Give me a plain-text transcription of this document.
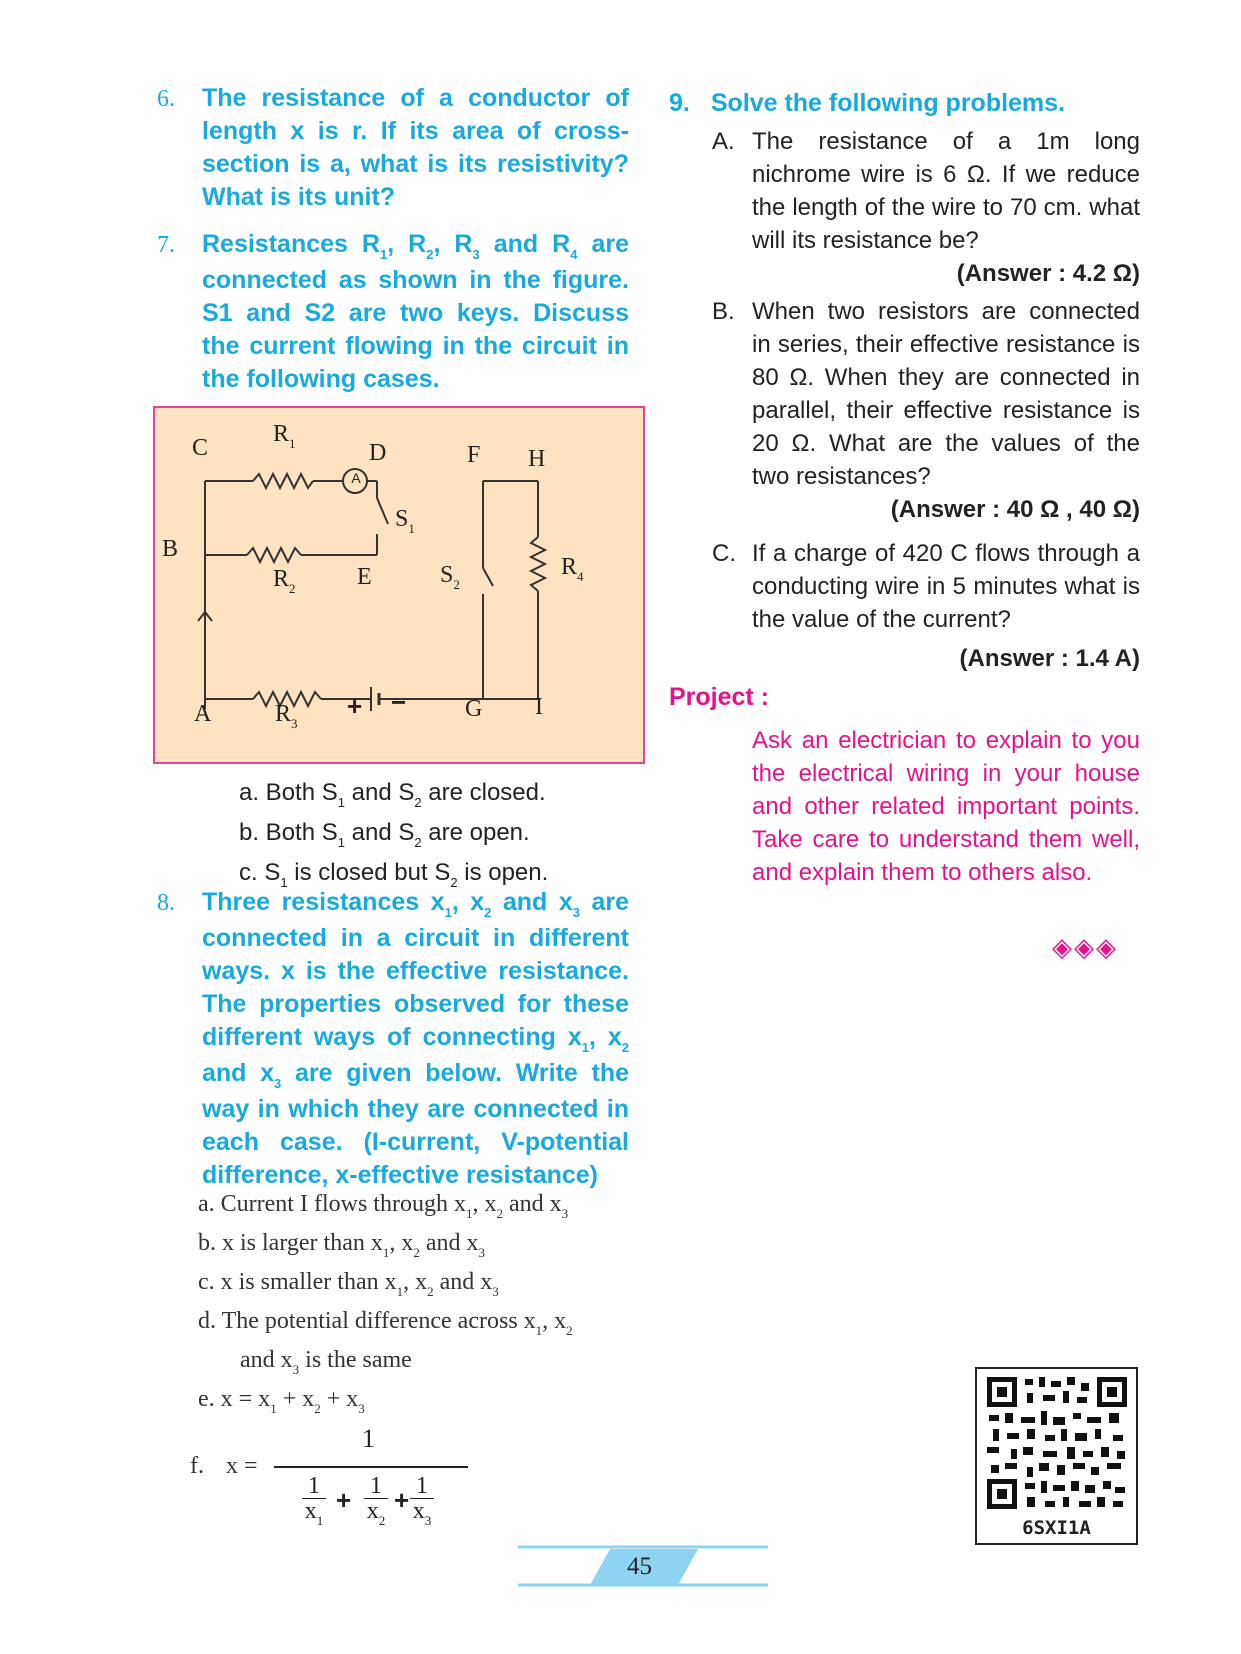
6. The resistance of a conductor of length x is r. If its area of cross-section is a, what is its resistivity? What is its unit?
7. Resistances $R_1$, $R_2$, $R_3$ and $R_4$ are connected as shown in the figure. S1 and S2 are two keys. Discuss the current flowing in the circuit in the following cases.
C
$R_1$
A
D	F H
B
$S_1$
$R_2$	E	$S_2$
$R_4$
A	$R_3$
+ − G I
a. Both $S_1$ and $S_2$ are closed.
b. Both $S_1$ and $S_2$ are open.
c. $S_1$ is closed but $S_2$ is open.
8. Three resistances $x_1$, $x_2$ and $x_3$ are connected in a circuit in different ways. x is the effective resistance. The properties observed for these different ways of connecting $x_1$, $x_2$ and $x_3$ are given below. Write the way in which they are connected in each case. (I-current, V-potential difference, x-effective resistance)
a. Current I flows through $x_1$, $x_2$ and $x_3$
b. x is larger than $x_1$, $x_2$ and $x_3$
c. x is smaller than $x_1$, $x_2$ and $x_3$
d. The potential difference across $x_1$, $x_2$
and $x_3$ is the same
e. $x = x_1 + x_2 + x_3$
f. x =
1
1
$x_1$
+ 1
$x_2$
+ 1
$x_3$
9. Solve the following problems.
A. The resistance of a 1m long nichrome wire is 6 Ω. If we reduce the length of the wire to 70 cm. what will its resistance be?
(Answer : 4.2 Ω)
B. When two resistors are connected in series, their effective resistance is 80 Ω. When they are connected in parallel, their effective resistance is 20 Ω. What are the values of the two resistances?
(Answer : 40 Ω , 40 Ω)
C. If a charge of 420 C flows through a conducting wire in 5 minutes what is the value of the current?
(Answer : 1.4 A)
Project :
Ask an electrician to explain to you the electrical wiring in your house and other related important points. Take care to understand them well, and explain them to others also.
◈◈◈
6SXI1A
45
